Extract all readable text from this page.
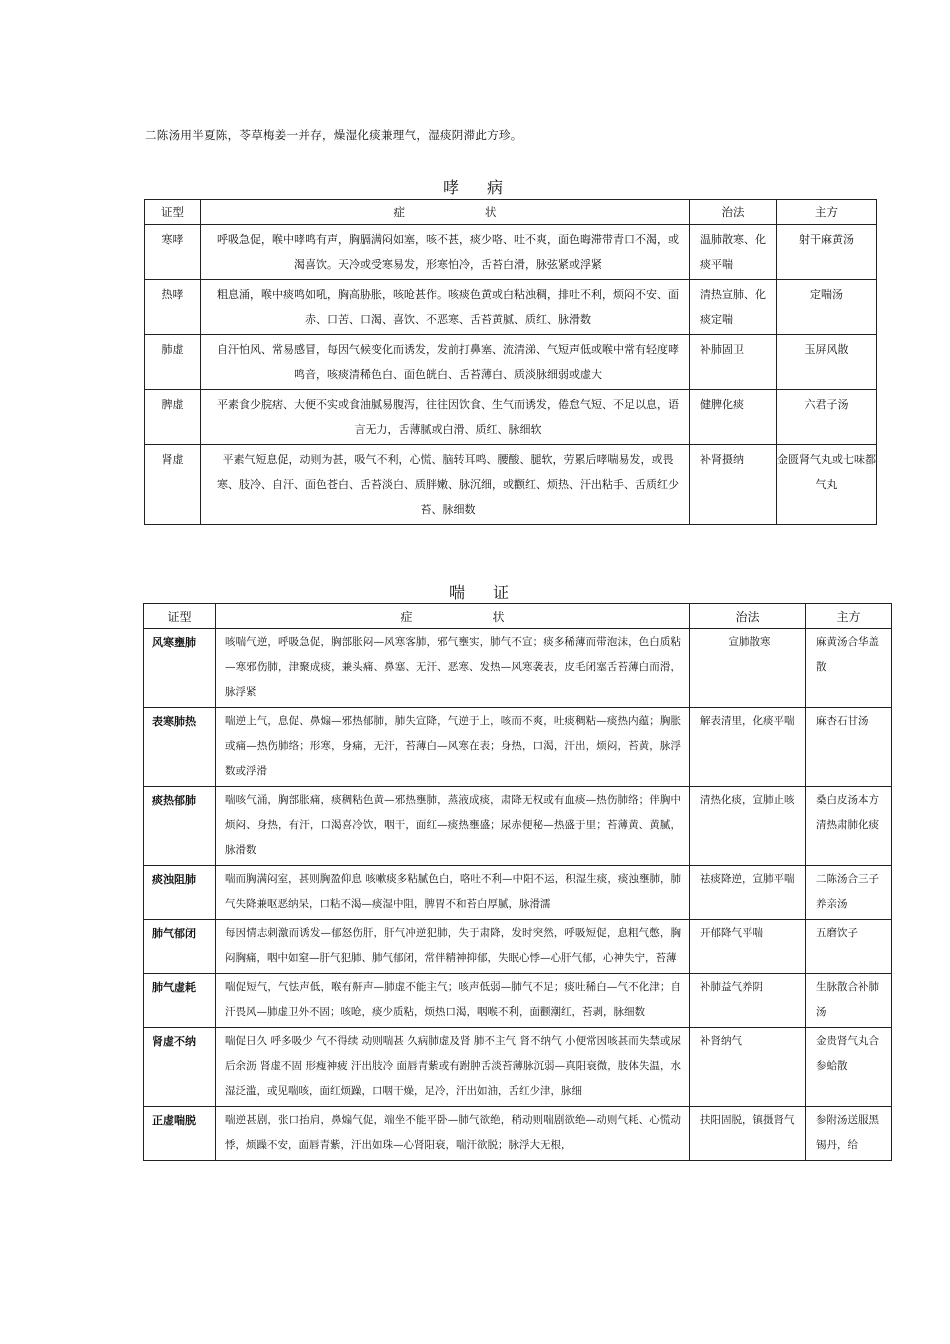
二陈汤用半夏陈，苓草梅姜一并存，燥湿化痰兼理气，湿痰阴滞此方珍。
哮 病
证型	症 状	治法	主方
寒哮	呼吸急促，喉中哮鸣有声，胸膈满闷如塞，咳不甚，痰少咯、吐不爽，面色晦滞带青口不渴，或渴喜饮。天冷或受寒易发，形寒怕冷，舌苔白滑，脉弦紧或浮紧	温肺散寒、化痰平喘	射干麻黄汤
热哮	粗息涌，喉中痰鸣如吼，胸高胁胀，咳呛甚作。咳痰色黄或白粘浊稠，排吐不利，烦闷不安、面赤、口苦、口渴、喜饮、不恶寒、舌苔黄腻、质红、脉滑数	清热宣肺、化痰定喘	定喘汤
肺虚	自汗怕风、常易感冒，每因气候变化而诱发，发前打鼻塞、流清涕、气短声低或喉中常有轻度哮鸣音，咳痰清稀色白、面色㿠白、舌苔薄白、质淡脉细弱或虚大	补肺固卫	玉屏风散
脾虚	平素食少脘痞、大便不实或食油腻易腹泻，往往因饮食、生气而诱发，倦怠气短、不足以息，语言无力，舌薄腻或白滑、质红、脉细软	健脾化痰	六君子汤
肾虚	平素气短息促，动则为甚，吸气不利，心慌、脑转耳鸣、腰酸、腿软，劳累后哮喘易发，或畏寒、肢冷、自汗、面色苍白、舌苔淡白、质胖嫩、脉沉细，或颧红、烦热、汗出粘手、舌质红少苔、脉细数	补肾摄纳	金匮肾气丸或七味都气丸
喘 证
证型	症 状	治法	主方
风寒壅肺	咳喘气逆，呼吸急促，胸部胀闷—风寒客肺，邪气壅实，肺气不宣；痰多稀薄而带泡沫，色白质粘—寒邪伤肺，津聚成痰，兼头痛、鼻塞、无汗、恶寒、发热—风寒袭表，皮毛闭塞舌苔薄白而滑，脉浮紧	宣肺散寒	麻黄汤合华盖散
表寒肺热	喘逆上气，息促、鼻煽—邪热郁肺，肺失宣降，气逆于上，咳而不爽，吐痰稠粘—痰热内蕴；胸胀或痛—热伤肺络；形寒，身痛，无汗，苔薄白—风寒在表；身热，口渴，汗出，烦闷，苔黄，脉浮数或浮滑	解表清里，化痰平喘	麻杏石甘汤
痰热郁肺	喘咳气涌，胸部胀痛，痰稠粘色黄—邪热壅肺，蒸液成痰，肃降无权或有血痰—热伤肺络；伴胸中烦闷、身热，有汗，口渴喜冷饮，咽干，面红—痰热壅盛；尿赤便秘—热盛于里；苔薄黄、黄腻，脉滑数	清热化痰，宣肺止咳	桑白皮汤本方清热肃肺化痰
痰浊阻肺	喘而胸满闷室，甚则胸盈仰息 咳嗽痰多粘腻色白，咯吐不利—中阳不运，积湿生痰，痰浊壅肺，肺气失降兼呕恶纳呆，口粘不渴—痰湿中阻，脾胃不和苔白厚腻，脉滑濡	祛痰降逆，宣肺平喘	二陈汤合三子养亲汤
肺气郁闭	每因情志刺激而诱发—郁怒伤肝，肝气冲逆犯肺，失于肃降，发时突然，呼吸短促，息粗气憋，胸闷胸痛，咽中如窒—肝气犯肺、肺气郁闭，常伴精神抑郁，失眠心悸—心肝气郁，心神失宁，苔薄	开郁降气平喘	五磨饮子
肺气虚耗	喘促短气，气怯声低，喉有鼾声—肺虚不能主气；咳声低弱—肺气不足；痰吐稀白—气不化津；自汗畏风—肺虚卫外不固；咳呛，痰少质粘，烦热口渴，咽喉不利，面颧潮红，苔剥，脉细数	补肺益气养阴	生脉散合补肺汤
肾虚不纳	喘促日久 呼多吸少 气不得续 动则喘甚 久病肺虚及肾 肺不主气 肾不纳气 小便常因咳甚而失禁或尿后余沥 肾虚不固 形瘦神疲 汗出肢冷 面唇青紫或有跗肿舌淡苔薄脉沉弱—真阳衰微，肢体失温，水湿泛滥，或见喘咳，面红烦躁，口咽干燥，足冷，汗出如油，舌红少津，脉细	补肾纳气	金贵肾气丸合参蛤散
正虚喘脱	喘逆甚剧，张口抬肩，鼻煽气促，端坐不能平卧—肺气欲绝，稍动则喘剧欲绝—动则气耗、心慌动悸，烦躁不安，面唇青紫，汗出如珠—心肾阳衰，喘汗欲脱；脉浮大无根，	扶阳固脱，镇摄肾气	参附汤送服黑锡丹，给
